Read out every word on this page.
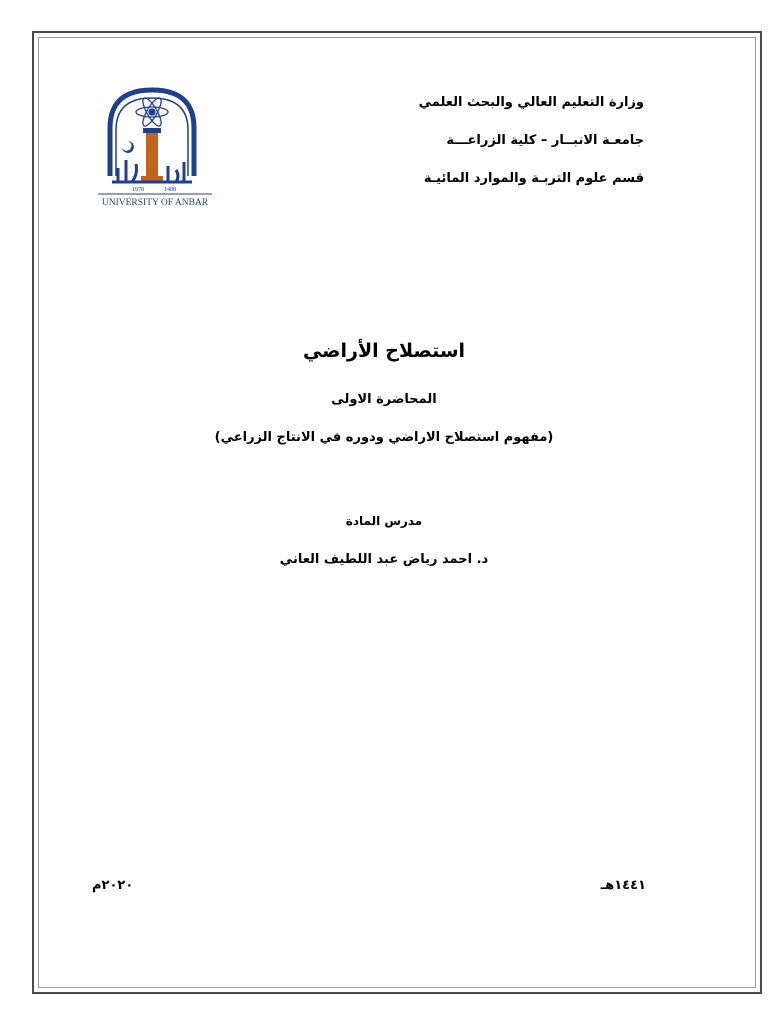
وزارة التعليم العالي والبحث العلمي
جامعـة الانبــار – كلية الزراعـــة
قسم علوم التربـة والموارد المائيـة
1978	1408
UNIVERSITY OF ANBAR
استصلاح الأراضي
المحاضرة الاولى
(مفهوم استصلاح الاراضي ودوره في الانتاج الزراعي)
مدرس المادة
د. احمد رياض عبد اللطيف العاني
١٤٤١هـ
٢٠٢٠م
